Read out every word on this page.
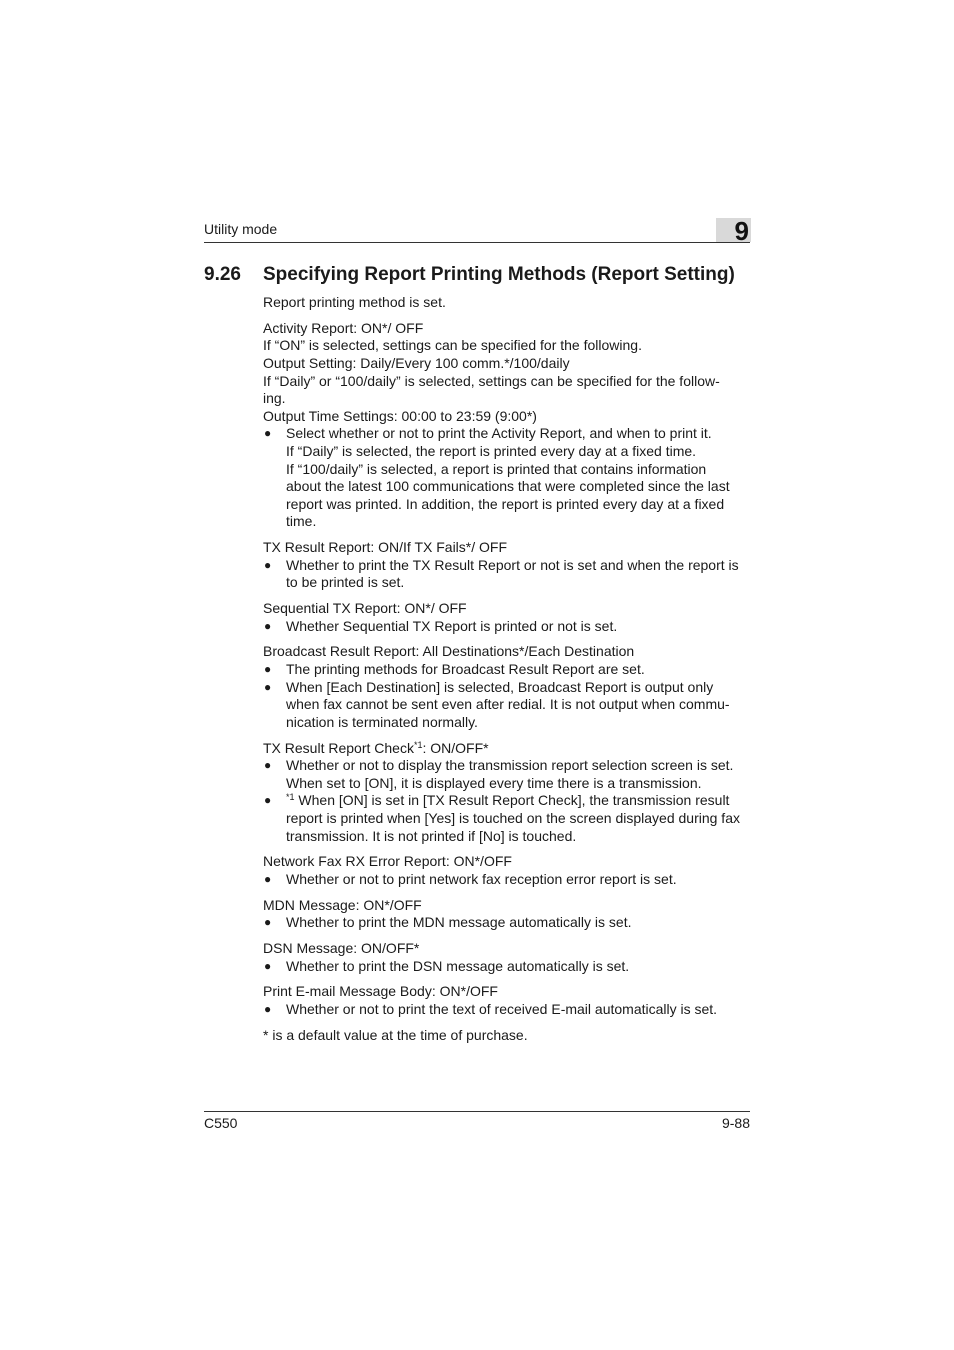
Utility mode	9
9.26 Specifying Report Printing Methods (Report Setting)

Report printing method is set.

Activity Report: ON*/ OFF

If “ON” is selected, settings can be specified for the following.

Output Setting: Daily/Every 100 comm.*/100/daily

If “Daily” or “100/daily” is selected, settings can be specified for the follow-

ing.

Output Time Settings: 00:00 to 23:59 (9:00*)

● Select whether or not to print the Activity Report, and when to print it.

If “Daily” is selected, the report is printed every day at a fixed time.

If “100/daily” is selected, a report is printed that contains information

about the latest 100 communications that were completed since the last

report was printed. In addition, the report is printed every day at a fixed

time.

TX Result Report: ON/If TX Fails*/ OFF

● Whether to print the TX Result Report or not is set and when the report is

to be printed is set.

Sequential TX Report: ON*/ OFF

● Whether Sequential TX Report is printed or not is set.

Broadcast Result Report: All Destinations*/Each Destination

● The printing methods for Broadcast Result Report are set.

● When [Each Destination] is selected, Broadcast Report is output only

when fax cannot be sent even after redial. It is not output when commu-

nication is terminated normally.

TX Result Report Check$^{*1}$: ON/OFF*

● Whether or not to display the transmission report selection screen is set.

When set to [ON], it is displayed every time there is a transmission.

● $^{*1}$ When [ON] is set in [TX Result Report Check], the transmission result

report is printed when [Yes] is touched on the screen displayed during fax

transmission. It is not printed if [No] is touched.

Network Fax RX Error Report: ON*/OFF

● Whether or not to print network fax reception error report is set.

MDN Message: ON*/OFF

● Whether to print the MDN message automatically is set.

DSN Message: ON/OFF*

● Whether to print the DSN message automatically is set.

Print E-mail Message Body: ON*/OFF

● Whether or not to print the text of received E-mail automatically is set.

* is a default value at the time of purchase.

C550	9-88
